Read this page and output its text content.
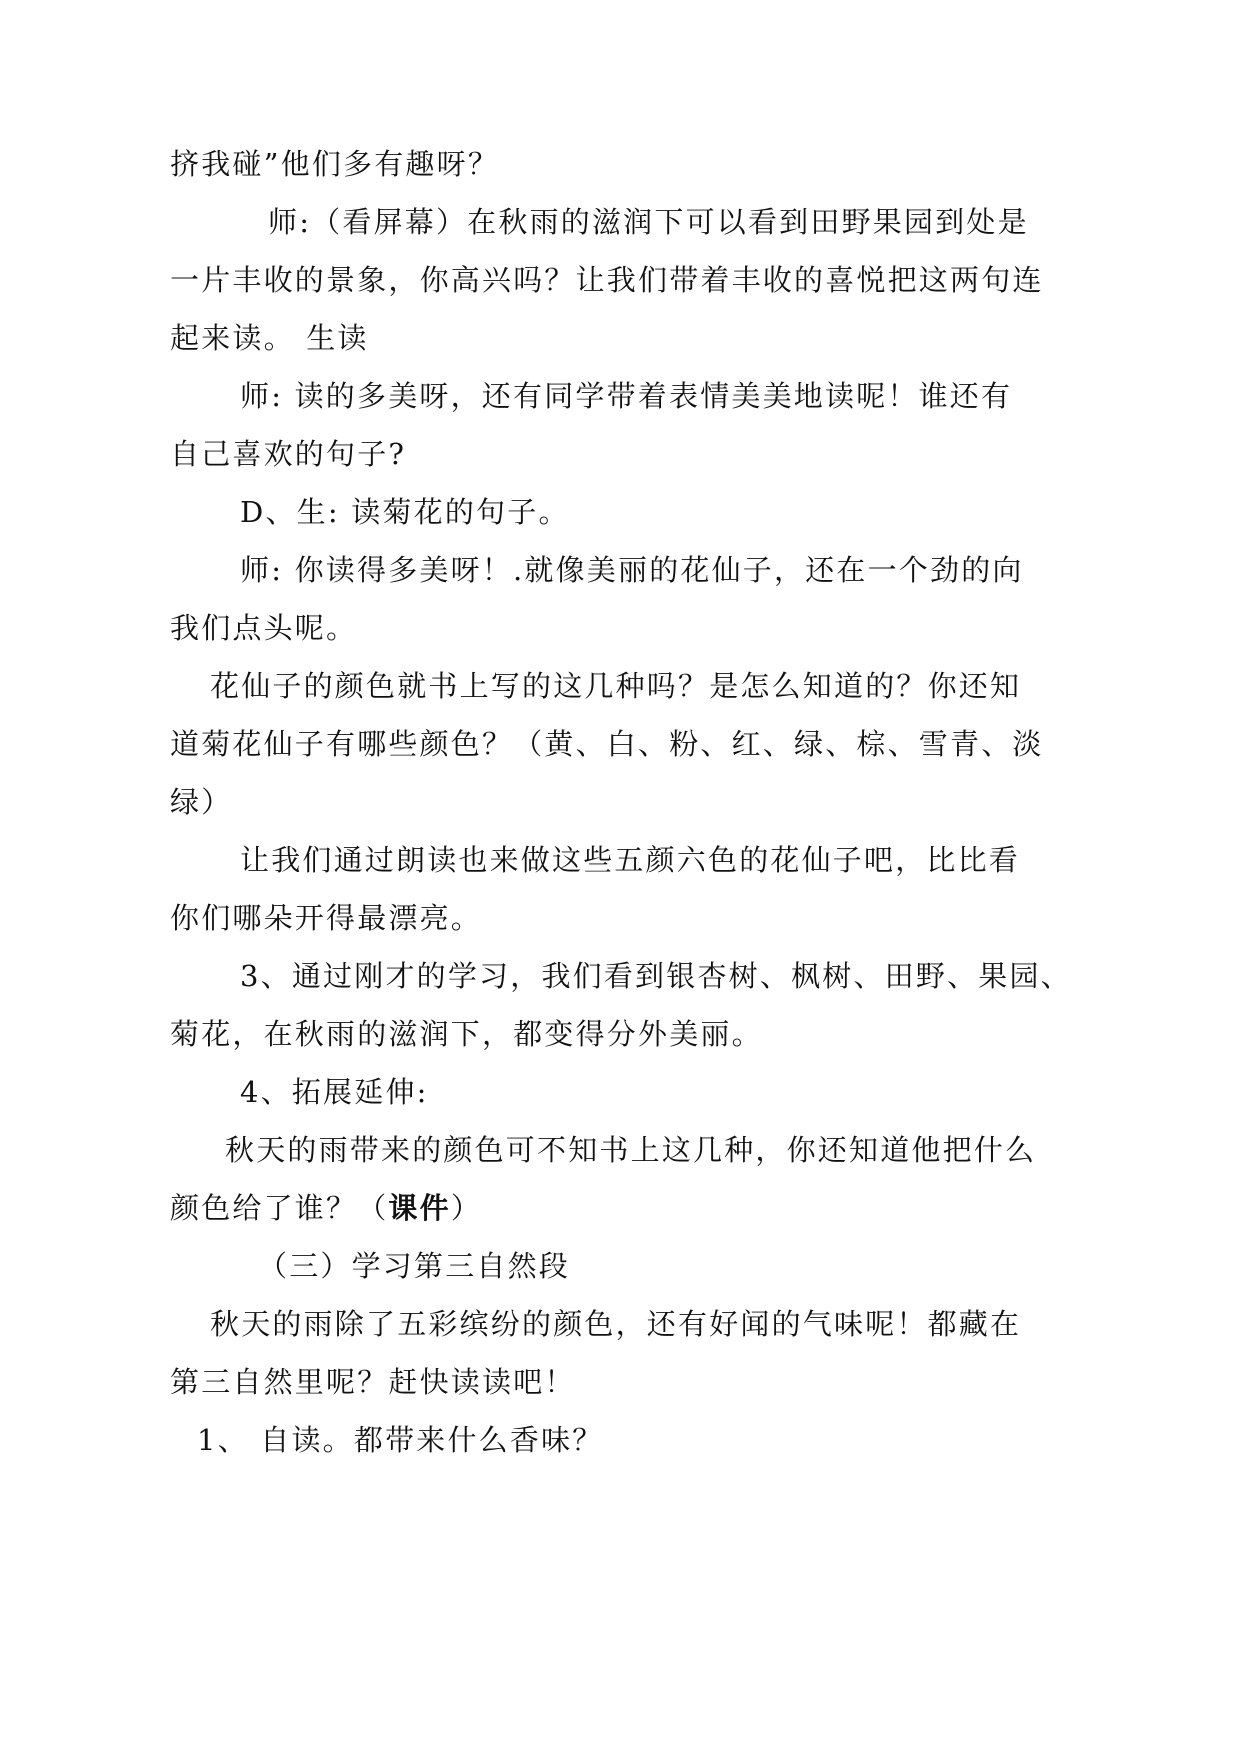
挤我碰”他们多有趣呀？
师:（看屏幕）在秋雨的滋润下可以看到田野果园到处是
一片丰收的景象，你高兴吗？让我们带着丰收的喜悦把这两句连
起来读。 生读
师: 读的多美呀，还有同学带着表情美美地读呢！谁还有
自己喜欢的句子?
D、生: 读菊花的句子。
师: 你读得多美呀！.就像美丽的花仙子，还在一个劲的向
我们点头呢。
花仙子的颜色就书上写的这几种吗？是怎么知道的？你还知
道菊花仙子有哪些颜色？（黄、白、粉、红、绿、棕、雪青、淡
绿）
让我们通过朗读也来做这些五颜六色的花仙子吧，比比看
你们哪朵开得最漂亮。
3、通过刚才的学习，我们看到银杏树、枫树、田野、果园、
菊花，在秋雨的滋润下，都变得分外美丽。
4、拓展延伸:
秋天的雨带来的颜色可不知书上这几种，你还知道他把什么
颜色给了谁？（课件）
（三）学习第三自然段
秋天的雨除了五彩缤纷的颜色，还有好闻的气味呢！都藏在
第三自然里呢？赶快读读吧！
1、 自读。都带来什么香味？
